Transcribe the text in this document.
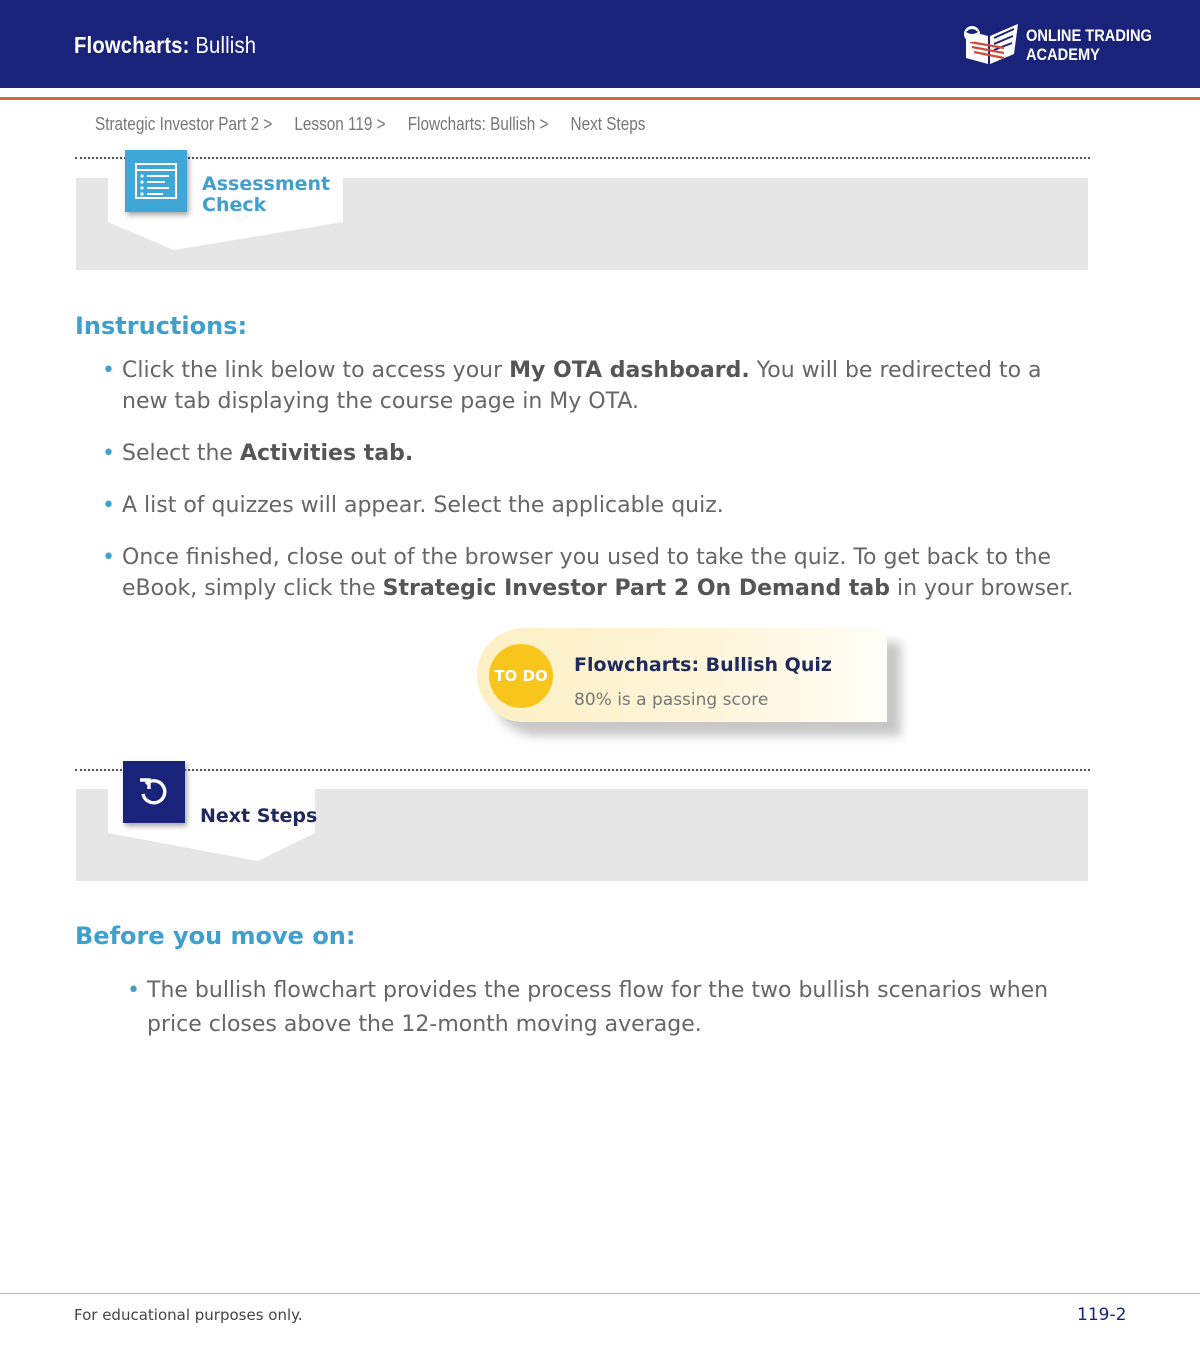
Flowcharts: Bullish	ONLINE TRADING
ACADEMY
Strategic Investor Part 2 > Lesson 119 > Flowcharts: Bullish > Next Steps
Assessment
Check
Instructions:
• Click the link below to access your My OTA dashboard. You will be redirected to a new tab displaying the course page in My OTA.
• Select the Activities tab.
• A list of quizzes will appear. Select the applicable quiz.
• Once finished, close out of the browser you used to take the quiz. To get back to the eBook, simply click the Strategic Investor Part 2 On Demand tab in your browser.
TO DO Flowcharts: Bullish Quiz
80% is a passing score
Next Steps
Before you move on:
• The bullish flowchart provides the process flow for the two bullish scenarios when price closes above the 12-month moving average.
For educational purposes only.	119-2
